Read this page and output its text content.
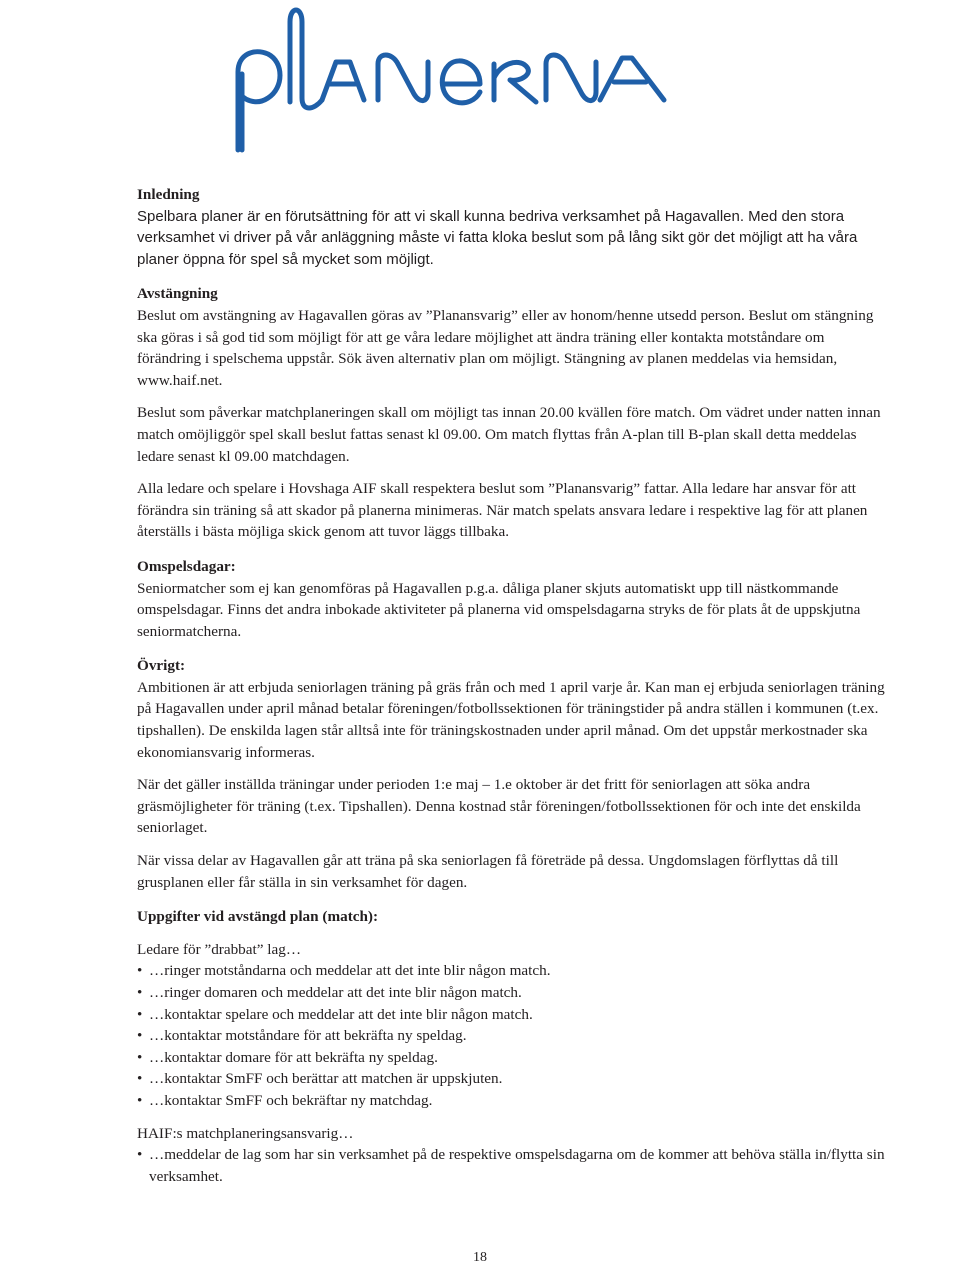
Inledning

Spelbara planer är en förutsättning för att vi skall kunna bedriva verksamhet på Hagavallen. Med den stora verksamhet vi driver på vår anläggning måste vi fatta kloka beslut som på lång sikt gör det möjligt att ha våra planer öppna för spel så mycket som möjligt.

Avstängning

Beslut om avstängning av Hagavallen göras av ”Planansvarig” eller av honom/henne utsedd person. Beslut om stängning ska göras i så god tid som möjligt för att ge våra ledare möjlighet att ändra träning eller kontakta motståndare om förändring i spelschema uppstår. Sök även alternativ plan om möjligt. Stängning av planen meddelas via hemsidan, www.haif.net.

Beslut som påverkar matchplaneringen skall om möjligt tas innan 20.00 kvällen före match. Om vädret under natten innan match omöjliggör spel skall beslut fattas senast kl 09.00. Om match flyttas från A-plan till B-plan skall detta meddelas ledare senast kl 09.00 matchdagen.

Alla ledare och spelare i Hovshaga AIF skall respektera beslut som ”Planansvarig” fattar. Alla ledare har ansvar för att förändra sin träning så att skador på planerna minimeras. När match spelats ansvara ledare i respektive lag för att planen återställs i bästa möjliga skick genom att tuvor läggs tillbaka.

Omspelsdagar:

Seniormatcher som ej kan genomföras på Hagavallen p.g.a. dåliga planer skjuts automatiskt upp till nästkommande omspelsdagar. Finns det andra inbokade aktiviteter på planerna vid omspelsdagarna stryks de för plats åt de uppskjutna seniormatcherna.

Övrigt:

Ambitionen är att erbjuda seniorlagen träning på gräs från och med 1 april varje år. Kan man ej erbjuda seniorlagen träning på Hagavallen under april månad betalar föreningen/fotbollssektionen för träningstider på andra ställen i kommunen (t.ex. tipshallen). De enskilda lagen står alltså inte för träningskostnaden under april månad. Om det uppstår merkostnader ska ekonomiansvarig informeras.

När det gäller inställda träningar under perioden 1:e maj – 1.e oktober är det fritt för seniorlagen att söka andra gräsmöjligheter för träning (t.ex. Tipshallen). Denna kostnad står föreningen/fotbollssektionen för och inte det enskilda seniorlaget.

När vissa delar av Hagavallen går att träna på ska seniorlagen få företräde på dessa. Ungdomslagen förflyttas då till grusplanen eller får ställa in sin verksamhet för dagen.

Uppgifter vid avstängd plan (match):

Ledare för ”drabbat” lag…

• …ringer motståndarna och meddelar att det inte blir någon match.
• …ringer domaren och meddelar att det inte blir någon match.
• …kontaktar spelare och meddelar att det inte blir någon match.
• …kontaktar motståndare för att bekräfta ny speldag.
• …kontaktar domare för att bekräfta ny speldag.
• …kontaktar SmFF och berättar att matchen är uppskjuten.
• …kontaktar SmFF och bekräftar ny matchdag.

HAIF:s matchplaneringsansvarig…

• …meddelar de lag som har sin verksamhet på de respektive omspelsdagarna om de kommer att behöva ställa in/flytta sin verksamhet.
18
